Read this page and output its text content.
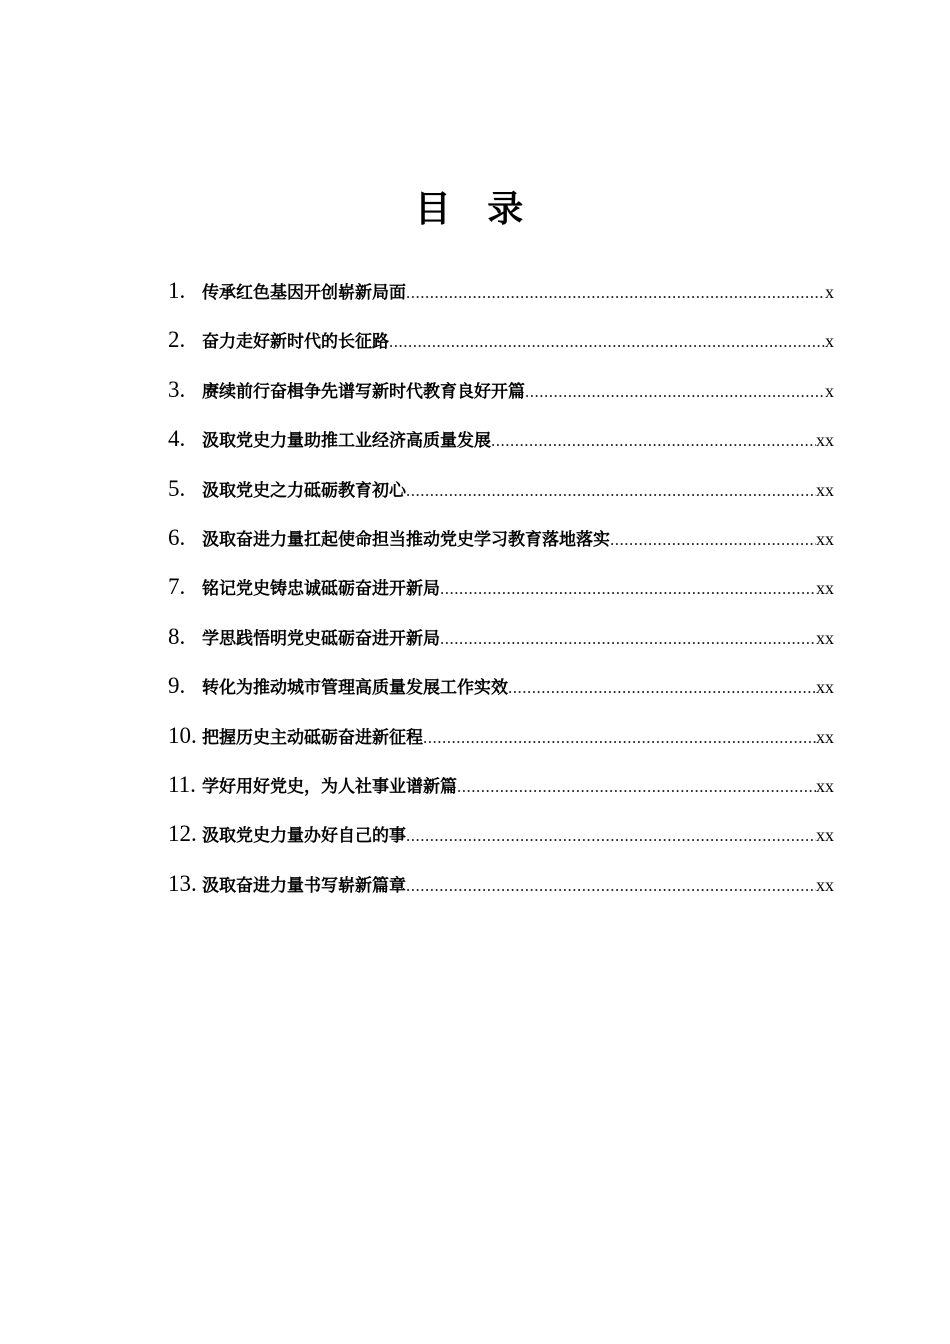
目 录
1. 传承红色基因开创崭新局面 .....	x
2. 奋力走好新时代的长征路 .....	x
3. 赓续前行奋楫争先谱写新时代教育良好开篇 .....	x
4. 汲取党史力量助推工业经济高质量发展 .....	xx
5. 汲取党史之力砥砺教育初心 .....	xx
6. 汲取奋进力量扛起使命担当推动党史学习教育落地落实 .....	xx
7. 铭记党史铸忠诚砥砺奋进开新局 .....	xx
8. 学思践悟明党史砥砺奋进开新局 .....	xx
9. 转化为推动城市管理高质量发展工作实效 .....	xx
10. 把握历史主动砥砺奋进新征程 .....	xx
11. 学好用好党史，为人社事业谱新篇 .....	xx
12. 汲取党史力量办好自己的事 .....	xx
13. 汲取奋进力量书写崭新篇章 .....	xx
